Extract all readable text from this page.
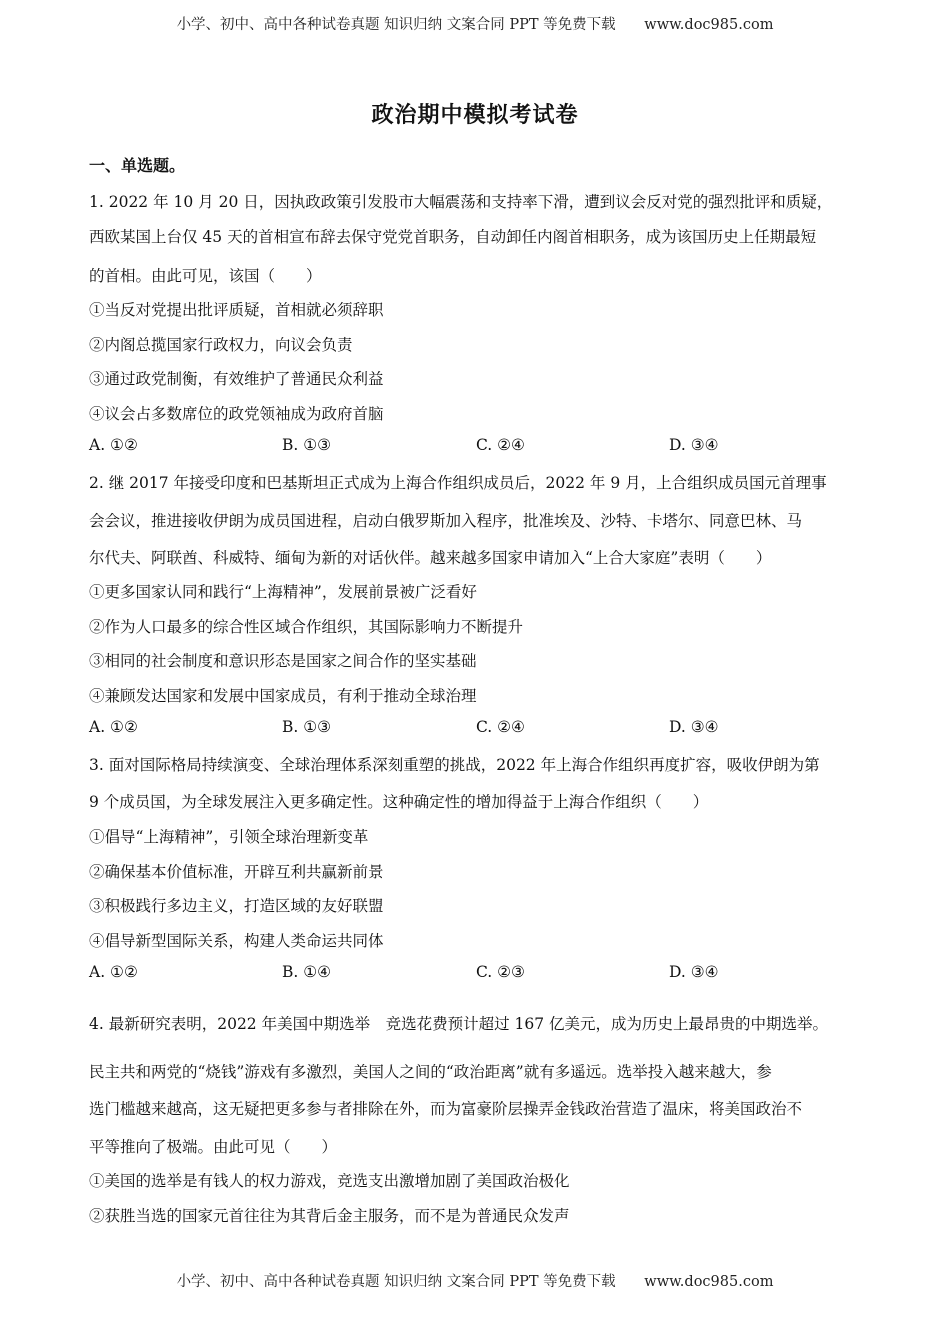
小学、初中、高中各种试卷真题 知识归纳 文案合同 PPT 等免费下载 www.doc985.com
政治期中模拟考试卷
一、单选题。
1. 2022 年 10 月 20 日，因执政政策引发股市大幅震荡和支持率下滑，遭到议会反对党的强烈批评和质疑，
西欧某国上台仅 45 天的首相宣布辞去保守党党首职务，自动卸任内阁首相职务，成为该国历史上任期最短
的首相。由此可见，该国（　　）
①当反对党提出批评质疑，首相就必须辞职
②内阁总揽国家行政权力，向议会负责
③通过政党制衡，有效维护了普通民众利益
④议会占多数席位的政党领袖成为政府首脑
A. ①②	B. ①③	C. ②④	D. ③④
2. 继 2017 年接受印度和巴基斯坦正式成为上海合作组织成员后，2022 年 9 月，上合组织成员国元首理事
会会议，推进接收伊朗为成员国进程，启动白俄罗斯加入程序，批准埃及、沙特、卡塔尔、同意巴林、马
尔代夫、阿联酋、科威特、缅甸为新的对话伙伴。越来越多国家申请加入“上合大家庭”表明（　　）
①更多国家认同和践行“上海精神”，发展前景被广泛看好
②作为人口最多的综合性区域合作组织，其国际影响力不断提升
③相同的社会制度和意识形态是国家之间合作的坚实基础
④兼顾发达国家和发展中国家成员，有利于推动全球治理
A. ①②	B. ①③	C. ②④	D. ③④
3. 面对国际格局持续演变、全球治理体系深刻重塑的挑战，2022 年上海合作组织再度扩容，吸收伊朗为第
9 个成员国，为全球发展注入更多确定性。这种确定性的增加得益于上海合作组织（　　）
①倡导“上海精神”，引领全球治理新变革
②确保基本价值标准，开辟互利共赢新前景
③积极践行多边主义，打造区域的友好联盟
④倡导新型国际关系，构建人类命运共同体
A. ①②	B. ①④	C. ②③	D. ③④
4. 最新研究表明，2022 年美国中期选举　竞选花费预计超过 167 亿美元，成为历史上最昂贵的中期选举。
民主共和两党的“烧钱”游戏有多激烈，美国人之间的“政治距离”就有多遥远。选举投入越来越大，参
选门槛越来越高，这无疑把更多参与者排除在外，而为富豪阶层操弄金钱政治营造了温床，将美国政治不
平等推向了极端。由此可见（　　）
①美国的选举是有钱人的权力游戏，竞选支出激增加剧了美国政治极化
②获胜当选的国家元首往往为其背后金主服务，而不是为普通民众发声
小学、初中、高中各种试卷真题 知识归纳 文案合同 PPT 等免费下载 www.doc985.com
